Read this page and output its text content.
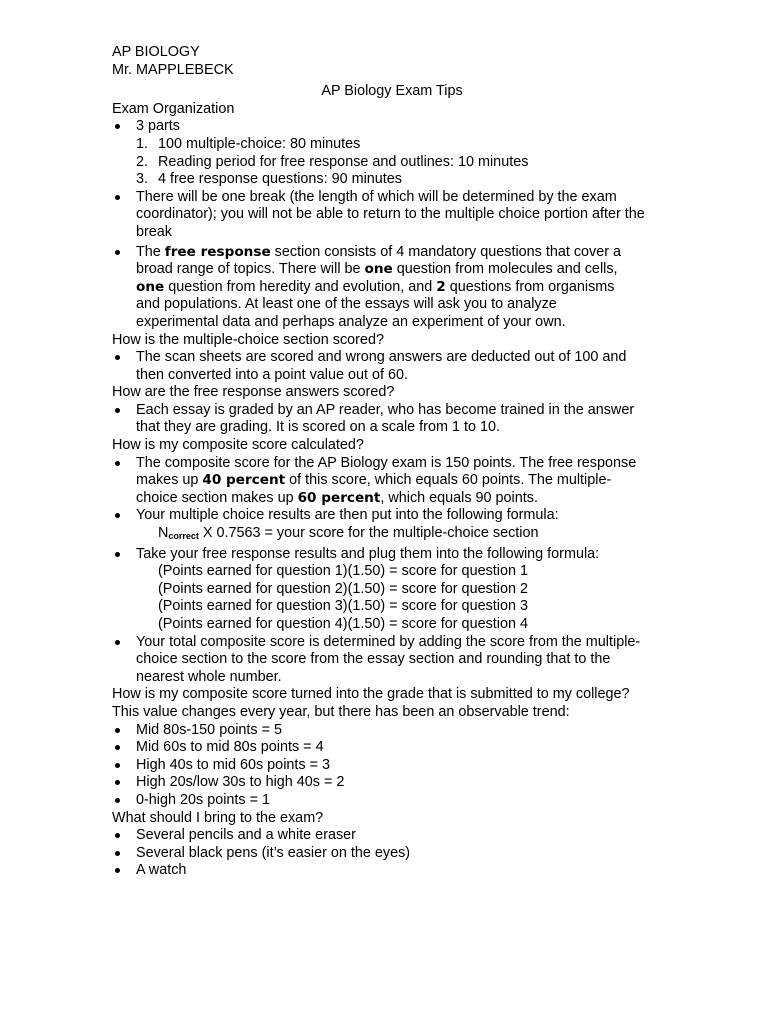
AP BIOLOGY
Mr. MAPPLEBECK
AP Biology Exam Tips
Exam Organization
3 parts
1. 100 multiple-choice: 80 minutes
2. Reading period for free response and outlines: 10 minutes
3. 4 free response questions: 90 minutes
There will be one break (the length of which will be determined by the exam coordinator); you will not be able to return to the multiple choice portion after the break
The free response section consists of 4 mandatory questions that cover a broad range of topics. There will be one question from molecules and cells, one question from heredity and evolution, and 2 questions from organisms and populations. At least one of the essays will ask you to analyze experimental data and perhaps analyze an experiment of your own.
How is the multiple-choice section scored?
The scan sheets are scored and wrong answers are deducted out of 100 and then converted into a point value out of 60.
How are the free response answers scored?
Each essay is graded by an AP reader, who has become trained in the answer that they are grading. It is scored on a scale from 1 to 10.
How is my composite score calculated?
The composite score for the AP Biology exam is 150 points. The free response makes up 40 percent of this score, which equals 60 points. The multiple-choice section makes up 60 percent, which equals 90 points.
Your multiple choice results are then put into the following formula:
$N_{correct}$ X 0.7563 = your score for the multiple-choice section
Take your free response results and plug them into the following formula:
(Points earned for question 1)(1.50) = score for question 1
(Points earned for question 2)(1.50) = score for question 2
(Points earned for question 3)(1.50) = score for question 3
(Points earned for question 4)(1.50) = score for question 4
Your total composite score is determined by adding the score from the multiple-choice section to the score from the essay section and rounding that to the nearest whole number.
How is my composite score turned into the grade that is submitted to my college?
This value changes every year, but there has been an observable trend:
Mid 80s-150 points = 5
Mid 60s to mid 80s points = 4
High 40s to mid 60s points = 3
High 20s/low 30s to high 40s = 2
0-high 20s points = 1
What should I bring to the exam?
Several pencils and a white eraser
Several black pens (it’s easier on the eyes)
A watch
